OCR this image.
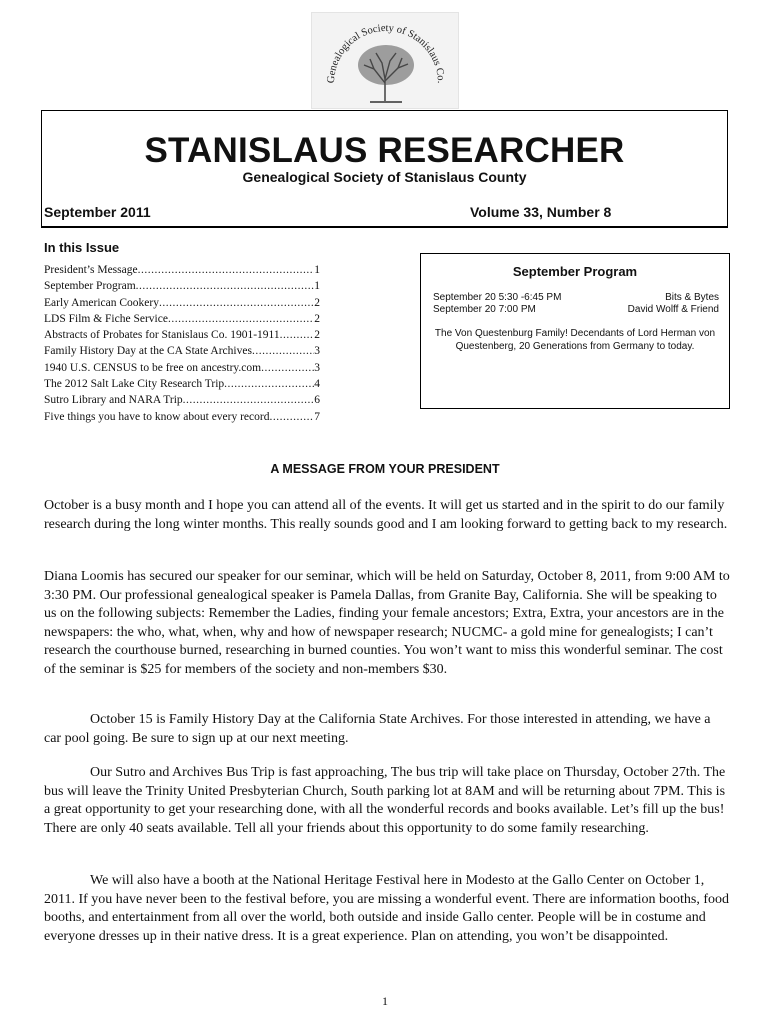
Genealogical Society of Stanislaus Co.
STANISLAUS RESEARCHER
Genealogical Society of Stanislaus County
September 2011	Volume 33, Number 8
In this Issue
President’s Message .....	1
September Program .....	1
Early American Cookery .....	2
LDS Film & Fiche Service .....	2
Abstracts of Probates for Stanislaus Co. 1901-1911 .....	2
Family History Day at the CA State Archives .....	3
1940 U.S. CENSUS to be free on ancestry.com .....	3
The 2012 Salt Lake City Research Trip .....	4
Sutro Library and NARA Trip .....	6
Five things you have to know about every record .....	7
September Program
September 20 5:30 -6:45 PM	Bits & Bytes
September 20 7:00 PM	David Wolff & Friend
The Von Questenburg Family! Decendants of Lord Herman von Questenberg, 20 Generations from Germany to today.
A MESSAGE FROM YOUR PRESIDENT

October is a busy month and I hope you can attend all of the events. It will get us started and in the spirit to do our family research during the long winter months. This really sounds good and I am looking forward to getting back to my research.

Diana Loomis has secured our speaker for our seminar, which will be held on Saturday, October 8, 2011, from 9:00 AM to 3:30 PM. Our professional genealogical speaker is Pamela Dallas, from Granite Bay, California. She will be speaking to us on the following subjects: Remember the Ladies, finding your female ancestors; Extra, Extra, your ancestors are in the newspapers: the who, what, when, why and how of newspaper research; NUCMC- a gold mine for genealogists; I can’t research the courthouse burned, researching in burned counties. You won’t want to miss this wonderful seminar. The cost of the seminar is $25 for members of the society and non-members $30.

October 15 is Family History Day at the California State Archives. For those interested in attending, we have a car pool going. Be sure to sign up at our next meeting.

Our Sutro and Archives Bus Trip is fast approaching, The bus trip will take place on Thursday, October 27th. The bus will leave the Trinity United Presbyterian Church, South parking lot at 8AM and will be returning about 7PM. This is a great opportunity to get your researching done, with all the wonderful records and books available. Let’s fill up the bus! There are only 40 seats available. Tell all your friends about this opportunity to do some family researching.

We will also have a booth at the National Heritage Festival here in Modesto at the Gallo Center on October 1, 2011. If you have never been to the festival before, you are missing a wonderful event. There are information booths, food booths, and entertainment from all over the world, both outside and inside Gallo center. People will be in costume and everyone dresses up in their native dress. It is a great experience. Plan on attending, you won’t be disappointed.

1
